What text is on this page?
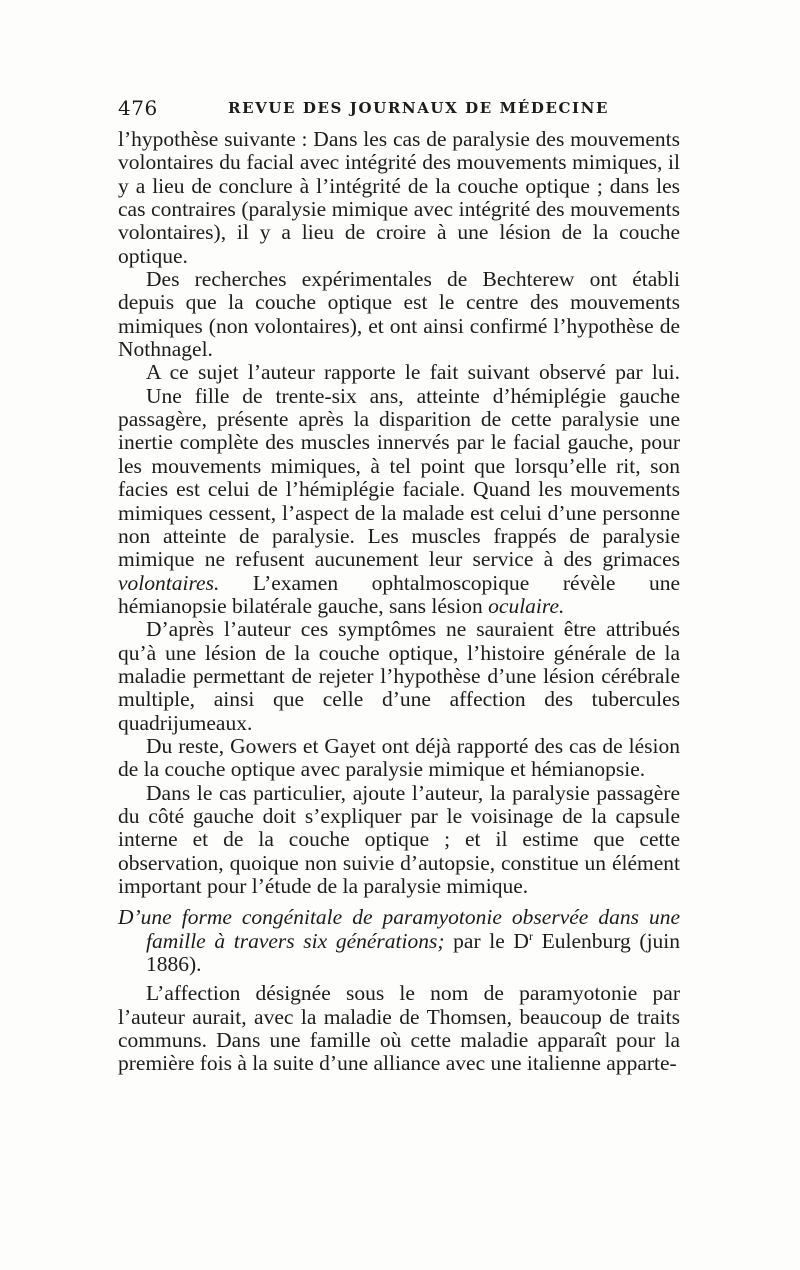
476	REVUE DES JOURNAUX DE MÉDECINE

l’hypothèse suivante : Dans les cas de paralysie des mouvements volontaires du facial avec intégrité des mouvements mimiques, il y a lieu de conclure à l’intégrité de la couche optique ; dans les cas contraires (paralysie mimique avec intégrité des mouvements volontaires), il y a lieu de croire à une lésion de la couche optique.

Des recherches expérimentales de Bechterew ont établi depuis que la couche optique est le centre des mouvements mimiques (non volontaires), et ont ainsi confirmé l’hypothèse de Nothnagel.

A ce sujet l’auteur rapporte le fait suivant observé par lui.

Une fille de trente-six ans, atteinte d’hémiplégie gauche passagère, présente après la disparition de cette paralysie une inertie complète des muscles innervés par le facial gauche, pour les mouvements mimiques, à tel point que lorsqu’elle rit, son facies est celui de l’hémiplégie faciale. Quand les mouvements mimiques cessent, l’aspect de la malade est celui d’une personne non atteinte de paralysie. Les muscles frappés de paralysie mimique ne refusent aucunement leur service à des grimaces volontaires. L’examen ophtalmoscopique révèle une hémianopsie bilatérale gauche, sans lésion oculaire.

D’après l’auteur ces symptômes ne sauraient être attribués qu’à une lésion de la couche optique, l’histoire générale de la maladie permettant de rejeter l’hypothèse d’une lésion cérébrale multiple, ainsi que celle d’une affection des tubercules quadrijumeaux.

Du reste, Gowers et Gayet ont déjà rapporté des cas de lésion de la couche optique avec paralysie mimique et hémianopsie.

Dans le cas particulier, ajoute l’auteur, la paralysie passagère du côté gauche doit s’expliquer par le voisinage de la capsule interne et de la couche optique ; et il estime que cette observation, quoique non suivie d’autopsie, constitue un élément important pour l’étude de la paralysie mimique.

D’une forme congénitale de paramyotonie observée dans une famille à travers six générations; par le $D^r$ Eulenburg (juin 1886).

L’affection désignée sous le nom de paramyotonie par l’auteur aurait, avec la maladie de Thomsen, beaucoup de traits communs. Dans une famille où cette maladie apparaît pour la première fois à la suite d’une alliance avec une italienne apparte-
